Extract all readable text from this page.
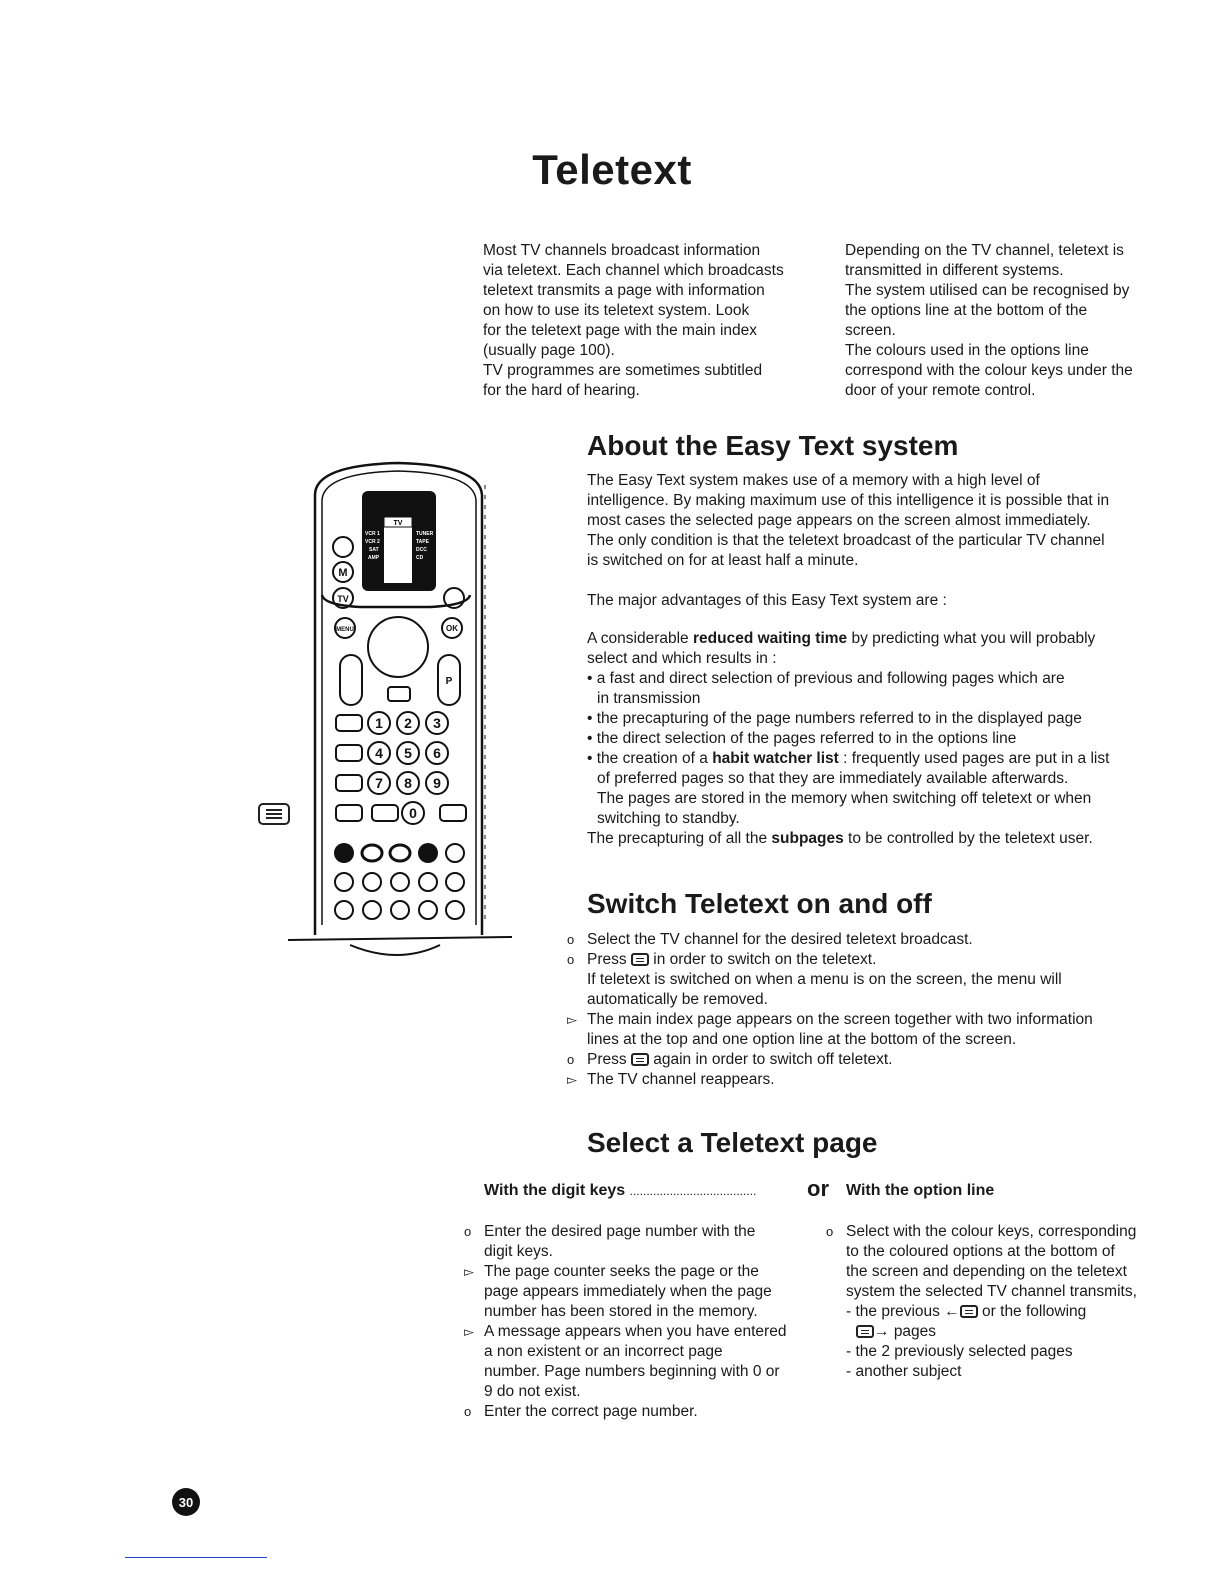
Teletext
Most TV channels broadcast information
via teletext. Each channel which broadcasts
teletext transmits a page with information
on how to use its teletext system. Look
for the teletext page with the main index
(usually page 100).
TV programmes are sometimes subtitled
for the hard of hearing.
Depending on the TV channel, teletext is
transmitted in different systems.
The system utilised can be recognised by
the options line at the bottom of the
screen.
The colours used in the options line
correspond with the colour keys under the
door of your remote control.
About the Easy Text system
The Easy Text system makes use of a memory with a high level of
intelligence. By making maximum use of this intelligence it is possible that in
most cases the selected page appears on the screen almost immediately.
The only condition is that the teletext broadcast of the particular TV channel
is switched on for at least half a minute.
The major advantages of this Easy Text system are :
A considerable reduced waiting time by predicting what you will probably
select and which results in :
• a fast and direct selection of previous and following pages which are
in transmission
• the precapturing of the page numbers referred to in the displayed page
• the direct selection of the pages referred to in the options line
• the creation of a habit watcher list : frequently used pages are put in a list
of preferred pages so that they are immediately available afterwards.
The pages are stored in the memory when switching off teletext or when
switching to standby.
The precapturing of all the subpages to be controlled by the teletext user.
Switch Teletext on and off
o Select the TV channel for the desired teletext broadcast.
o Press in order to switch on the teletext.
If teletext is switched on when a menu is on the screen, the menu will
automatically be removed.
▻ The main index page appears on the screen together with two information
lines at the top and one option line at the bottom of the screen.
o Press again in order to switch off teletext.
▻ The TV channel reappears.
Select a Teletext page
With the digit keys ......................................	or With the option line
o Enter the desired page number with the
digit keys.
▻ The page counter seeks the page or the
page appears immediately when the page
number has been stored in the memory.
▻ A message appears when you have entered
a non existent or an incorrect page
number. Page numbers beginning with 0 or
9 do not exist.
o Enter the correct page number.
o Select with the colour keys, corresponding
to the coloured options at the bottom of
the screen and depending on the teletext
system the selected TV channel transmits,
- the previous ← or the following
→ pages
- the 2 previously selected pages
- another subject
TV
VCR 1
VCR 2
SAT
AMP
TUNER
TAPE
DCC
CD
M
TV
MENU	OK
P
1 2 3
4 5 6
7 8 9
0
30
